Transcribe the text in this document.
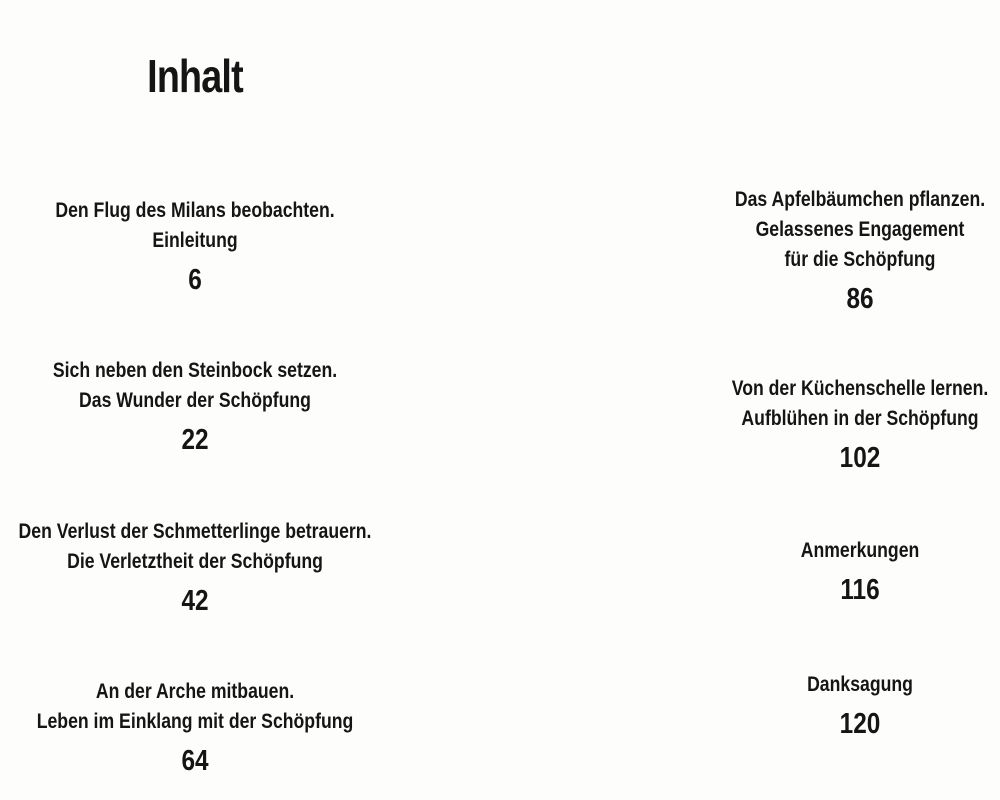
Inhalt
Den Flug des Milans beobachten.
Einleitung
6
Sich neben den Steinbock setzen.
Das Wunder der Schöpfung
22
Den Verlust der Schmetterlinge betrauern.
Die Verletztheit der Schöpfung
42
An der Arche mitbauen.
Leben im Einklang mit der Schöpfung
64
Das Apfelbäumchen pflanzen.
Gelassenes Engagement
für die Schöpfung
86
Von der Küchenschelle lernen.
Aufblühen in der Schöpfung
102
Anmerkungen
116
Danksagung
120
